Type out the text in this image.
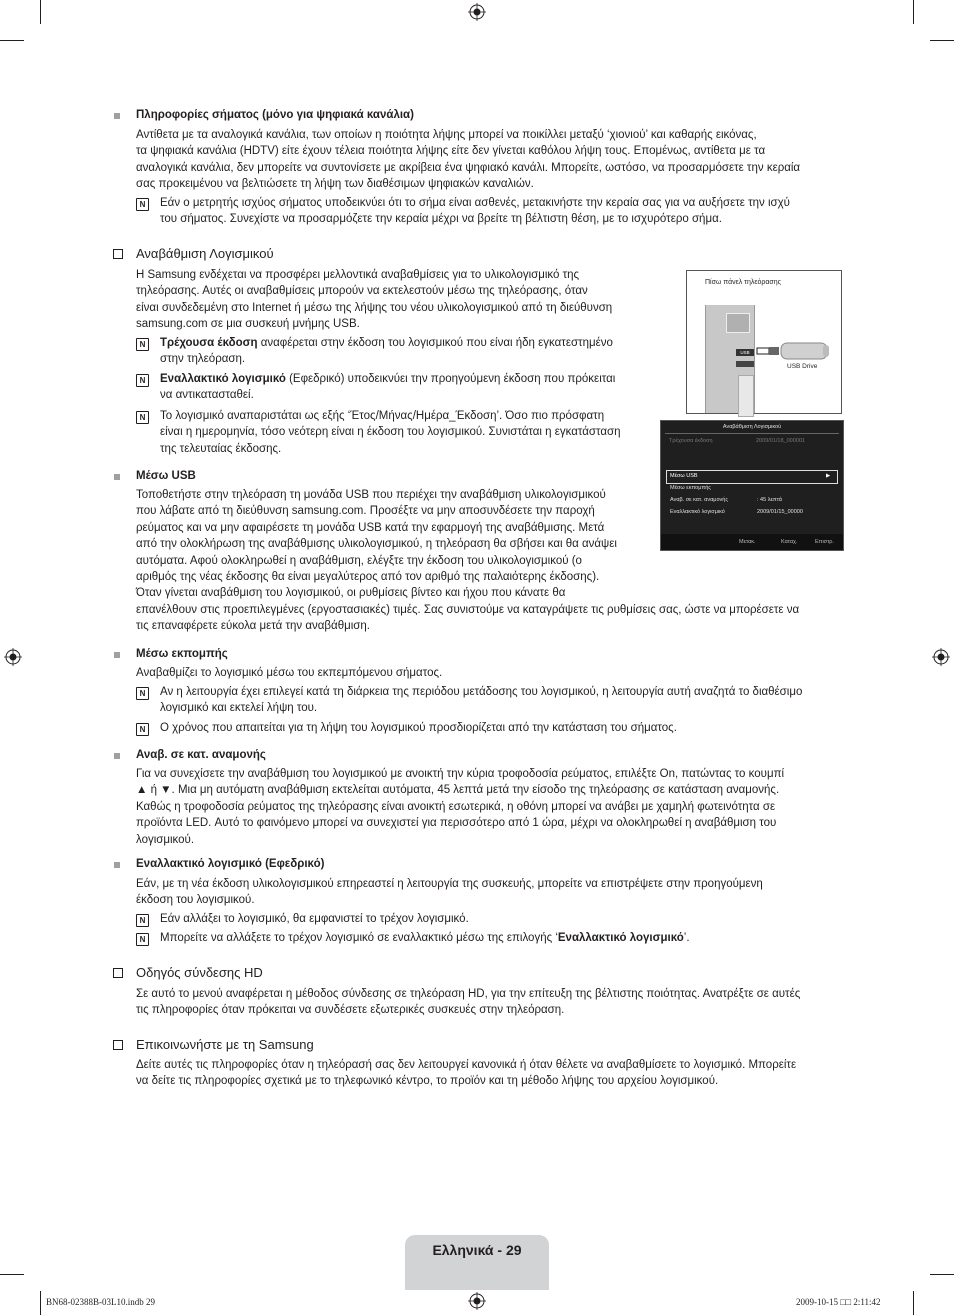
Πληροφορίες σήματος (μόνο για ψηφιακά κανάλια)
Αντίθετα με τα αναλογικά κανάλια, των οποίων η ποιότητα λήψης μπορεί να ποικίλλει μεταξύ ‘χιονιού’ και καθαρής εικόνας,
τα ψηφιακά κανάλια (HDTV) είτε έχουν τέλεια ποιότητα λήψης είτε δεν γίνεται καθόλου λήψη τους. Επομένως, αντίθετα με τα
αναλογικά κανάλια, δεν μπορείτε να συντονίσετε με ακρίβεια ένα ψηφιακό κανάλι. Μπορείτε, ωστόσο, να προσαρμόσετε την κεραία
σας προκειμένου να βελτιώσετε τη λήψη των διαθέσιμων ψηφιακών καναλιών.
N	Εάν ο μετρητής ισχύος σήματος υποδεικνύει ότι το σήμα είναι ασθενές, μετακινήστε την κεραία σας για να αυξήσετε την ισχύ
του σήματος. Συνεχίστε να προσαρμόζετε την κεραία μέχρι να βρείτε τη βέλτιστη θέση, με το ισχυρότερο σήμα.
Αναβάθμιση Λογισμικού
Η Samsung ενδέχεται να προσφέρει μελλοντικά αναβαθμίσεις για το υλικολογισμικό της
τηλεόρασης. Αυτές οι αναβαθμίσεις μπορούν να εκτελεστούν μέσω της τηλεόρασης, όταν
είναι συνδεδεμένη στο Internet ή μέσω της λήψης του νέου υλικολογισμικού από τη διεύθυνση
samsung.com σε μια συσκευή μνήμης USB.
N	Τρέχουσα έκδοση αναφέρεται στην έκδοση του λογισμικού που είναι ήδη εγκατεστημένο
στην τηλεόραση.
N	Εναλλακτικό λογισμικό (Εφεδρικό) υποδεικνύει την προηγούμενη έκδοση που πρόκειται
να αντικατασταθεί.
N	Το λογισμικό αναπαριστάται ως εξής ‘Έτος/Μήνας/Ημέρα_Έκδοση’. Όσο πιο πρόσφατη
είναι η ημερομηνία, τόσο νεότερη είναι η έκδοση του λογισμικού. Συνιστάται η εγκατάσταση
της τελευταίας έκδοσης.
Πίσω πάνελ τηλεόρασης
USB
USB Drive
Αναβάθμιση Λογισμικού
Τρέχουσα έκδοση	2009/01/18_000001
Μέσω USB	▶
Μέσω εκπομπής
Αναβ. σε κατ. αναμονής	: 45 λεπτά
Εναλλακτικό λογισμικό	2009/01/15_00000
Μετακ.	Καταχ.	Επιστρ.
Μέσω USB
Τοποθετήστε στην τηλεόραση τη μονάδα USB που περιέχει την αναβάθμιση υλικολογισμικού
που λάβατε από τη διεύθυνση samsung.com. Προσέξτε να μην αποσυνδέσετε την παροχή
ρεύματος και να μην αφαιρέσετε τη μονάδα USB κατά την εφαρμογή της αναβάθμισης. Μετά
από την ολοκλήρωση της αναβάθμισης υλικολογισμικού, η τηλεόραση θα σβήσει και θα ανάψει
αυτόματα. Αφού ολοκληρωθεί η αναβάθμιση, ελέγξτε την έκδοση του υλικολογισμικού (ο
αριθμός της νέας έκδοσης θα είναι μεγαλύτερος από τον αριθμό της παλαιότερης έκδοσης).
Όταν γίνεται αναβάθμιση του λογισμικού, οι ρυθμίσεις βίντεο και ήχου που κάνατε θα
επανέλθουν στις προεπιλεγμένες (εργοστασιακές) τιμές. Σας συνιστούμε να καταγράψετε τις ρυθμίσεις σας, ώστε να μπορέσετε να
τις επαναφέρετε εύκολα μετά την αναβάθμιση.
Μέσω εκπομπής
Αναβαθμίζει το λογισμικό μέσω του εκπεμπόμενου σήματος.
N	Αν η λειτουργία έχει επιλεγεί κατά τη διάρκεια της περιόδου μετάδοσης του λογισμικού, η λειτουργία αυτή αναζητά το διαθέσιμο
λογισμικό και εκτελεί λήψη του.
N	Ο χρόνος που απαιτείται για τη λήψη του λογισμικού προσδιορίζεται από την κατάσταση του σήματος.
Αναβ. σε κατ. αναμονής
Για να συνεχίσετε την αναβάθμιση του λογισμικού με ανοικτή την κύρια τροφοδοσία ρεύματος, επιλέξτε On, πατώντας το κουμπί
▲ ή ▼. Μια μη αυτόματη αναβάθμιση εκτελείται αυτόματα, 45 λεπτά μετά την είσοδο της τηλεόρασης σε κατάσταση αναμονής.
Καθώς η τροφοδοσία ρεύματος της τηλεόρασης είναι ανοικτή εσωτερικά, η οθόνη μπορεί να ανάβει με χαμηλή φωτεινότητα σε
προϊόντα LED. Αυτό το φαινόμενο μπορεί να συνεχιστεί για περισσότερο από 1 ώρα, μέχρι να ολοκληρωθεί η αναβάθμιση του
λογισμικού.
Εναλλακτικό λογισμικό (Εφεδρικό)
Εάν, με τη νέα έκδοση υλικολογισμικού επηρεαστεί η λειτουργία της συσκευής, μπορείτε να επιστρέψετε στην προηγούμενη
έκδοση του λογισμικού.
N	Εάν αλλάξει το λογισμικό, θα εμφανιστεί το τρέχον λογισμικό.
N	Μπορείτε να αλλάξετε το τρέχον λογισμικό σε εναλλακτικό μέσω της επιλογής ‘Εναλλακτικό λογισμικό’.
Οδηγός σύνδεσης HD
Σε αυτό το μενού αναφέρεται η μέθοδος σύνδεσης σε τηλεόραση HD, για την επίτευξη της βέλτιστης ποιότητας. Ανατρέξτε σε αυτές
τις πληροφορίες όταν πρόκειται να συνδέσετε εξωτερικές συσκευές στην τηλεόραση.
Επικοινωνήστε με τη Samsung
Δείτε αυτές τις πληροφορίες όταν η τηλεόρασή σας δεν λειτουργεί κανονικά ή όταν θέλετε να αναβαθμίσετε το λογισμικό. Μπορείτε
να δείτε τις πληροφορίες σχετικά με το τηλεφωνικό κέντρο, το προϊόν και τη μέθοδο λήψης του αρχείου λογισμικού.
Ελληνικά - 29
BN68-02388B-03L10.indb 29	2009-10-15 □□ 2:11:42
